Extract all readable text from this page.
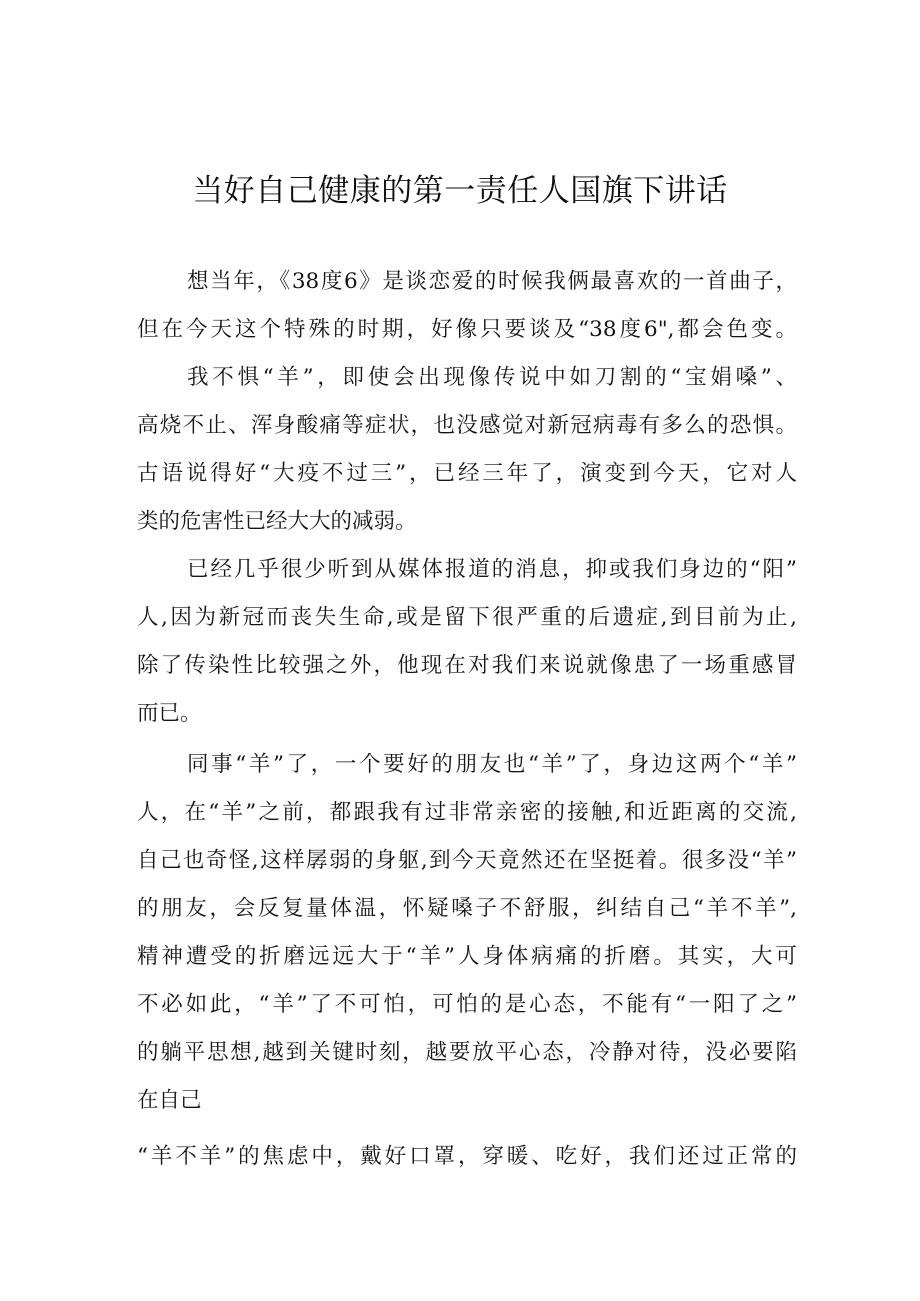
当好自己健康的第一责任人国旗下讲话
想当年，《38度6》是谈恋爱的时候我俩最喜欢的一首曲子，
但在今天这个特殊的时期，好像只要谈及“38度6",都会色变。
我不惧“羊”，即使会出现像传说中如刀割的“宝娟嗓”、
高烧不止、浑身酸痛等症状，也没感觉对新冠病毒有多么的恐惧。
古语说得好“大疫不过三”，已经三年了，演变到今天，它对人
类的危害性已经大大的减弱。
已经几乎很少听到从媒体报道的消息，抑或我们身边的“阳”
人,因为新冠而丧失生命,或是留下很严重的后遗症,到目前为止,
除了传染性比较强之外，他现在对我们来说就像患了一场重感冒
而已。
同事“羊”了，一个要好的朋友也“羊”了，身边这两个“羊”
人，在“羊”之前，都跟我有过非常亲密的接触,和近距离的交流,
自己也奇怪,这样孱弱的身躯,到今天竟然还在坚挺着。很多没“羊”
的朋友，会反复量体温，怀疑嗓子不舒服，纠结自己“羊不羊”,
精神遭受的折磨远远大于“羊”人身体病痛的折磨。其实，大可
不必如此，“羊”了不可怕，可怕的是心态，不能有“一阳了之”
的躺平思想,越到关键时刻，越要放平心态，冷静对待，没必要陷
在自己
“羊不羊”的焦虑中，戴好口罩，穿暖、吃好，我们还过正常的
